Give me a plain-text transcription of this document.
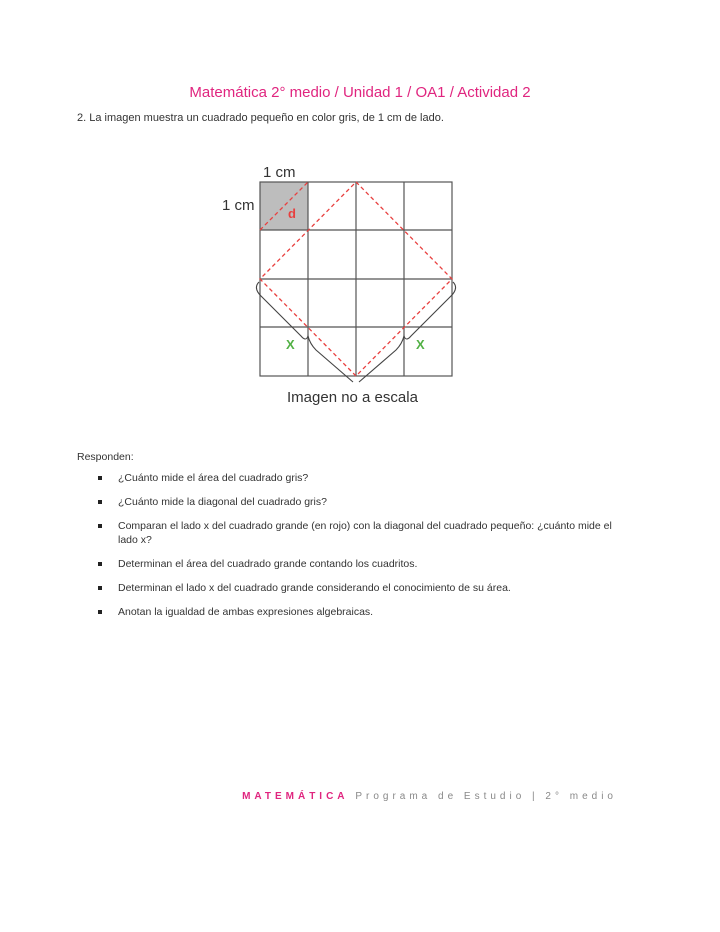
Matemática 2° medio / Unidad 1 / OA1 / Actividad 2
2. La imagen muestra un cuadrado pequeño en color gris, de 1 cm de lado.
1 cm
1 cm	d
X	X
Imagen no a escala
Responden:
¿Cuánto mide el área del cuadrado gris?
¿Cuánto mide la diagonal del cuadrado gris?
Comparan el lado x del cuadrado grande (en rojo) con la diagonal del cuadrado pequeño: ¿cuánto mide el lado x?
Determinan el área del cuadrado grande contando los cuadritos.
Determinan el lado x del cuadrado grande considerando el conocimiento de su área.
Anotan la igualdad de ambas expresiones algebraicas.
MATEMÁTICA Programa de Estudio | 2° medio
